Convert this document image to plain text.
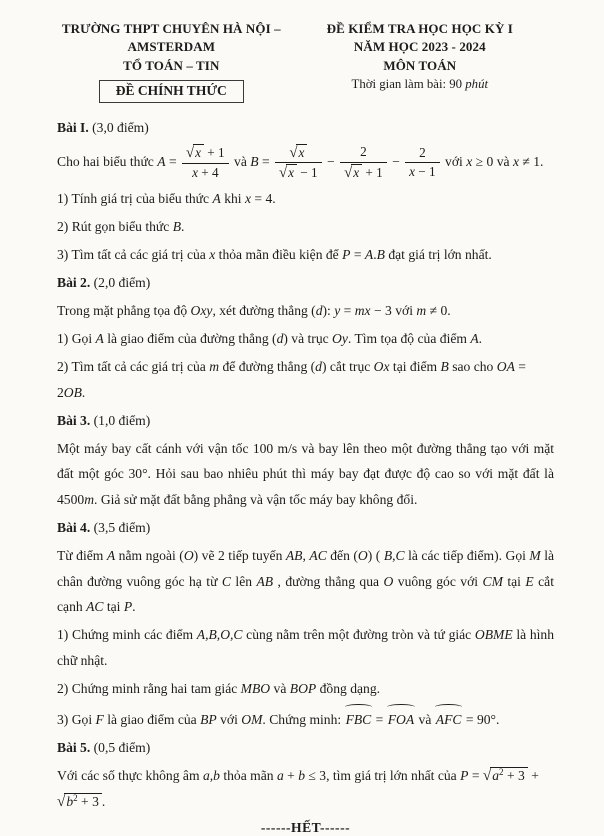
TRƯỜNG THPT CHUYÊN HÀ NỘI – AMSTERDAM
TỔ TOÁN – TIN
ĐỀ CHÍNH THỨC
ĐỀ KIỂM TRA HỌC HỌC KỲ I
NĂM HỌC 2023 - 2024
MÔN TOÁN
Thời gian làm bài: 90 phút

Bài I. (3,0 điểm)

Cho hai biểu thức $A = \frac{√x + 1}{x + 4}$ và $B = \frac{√x}{√x - 1} - \frac{2}{√x + 1} - \frac{2}{x - 1}$ với x ≥ 0 và x ≠ 1.

1) Tính giá trị của biểu thức A khi x = 4.

2) Rút gọn biểu thức B.

3) Tìm tất cả các giá trị của x thỏa mãn điều kiện để P = A.B đạt giá trị lớn nhất.

Bài 2. (2,0 điểm)

Trong mặt phẳng tọa độ Oxy, xét đường thẳng (d): y = mx − 3 với m ≠ 0.

1) Gọi A là giao điểm của đường thẳng (d) và trục Oy. Tìm tọa độ của điểm A.

2) Tìm tất cả các giá trị của m để đường thẳng (d) cắt trục Ox tại điểm B sao cho OA = 2OB.

Bài 3. (1,0 điểm)

Một máy bay cất cánh với vận tốc 100 m/s và bay lên theo một đường thẳng tạo với mặt đất một góc 30°. Hỏi sau bao nhiêu phút thì máy bay đạt được độ cao so với mặt đất là 4500m. Giả sử mặt đất bằng phẳng và vận tốc máy bay không đổi.

Bài 4. (3,5 điểm)

Từ điểm A nằm ngoài (O) vẽ 2 tiếp tuyến AB, AC đến (O) ( B,C là các tiếp điểm). Gọi M là chân đường vuông góc hạ từ C lên AB , đường thẳng qua O vuông góc với CM tại E cắt cạnh AC tại P.

1) Chứng minh các điểm A,B,O,C cùng nằm trên một đường tròn và tứ giác OBME là hình chữ nhật.

2) Chứng minh rằng hai tam giác MBO và BOP đồng dạng.

3) Gọi F là giao điểm của BP với OM. Chứng minh:
FBC =
FOA và
AFC = 90°.

Bài 5. (0,5 điểm)

Với các số thực không âm a,b thỏa mãn a + b ≤ 3, tìm giá trị lớn nhất của $P = √a^2 + 3 + √b^2 + 3$ .

------HẾT------
